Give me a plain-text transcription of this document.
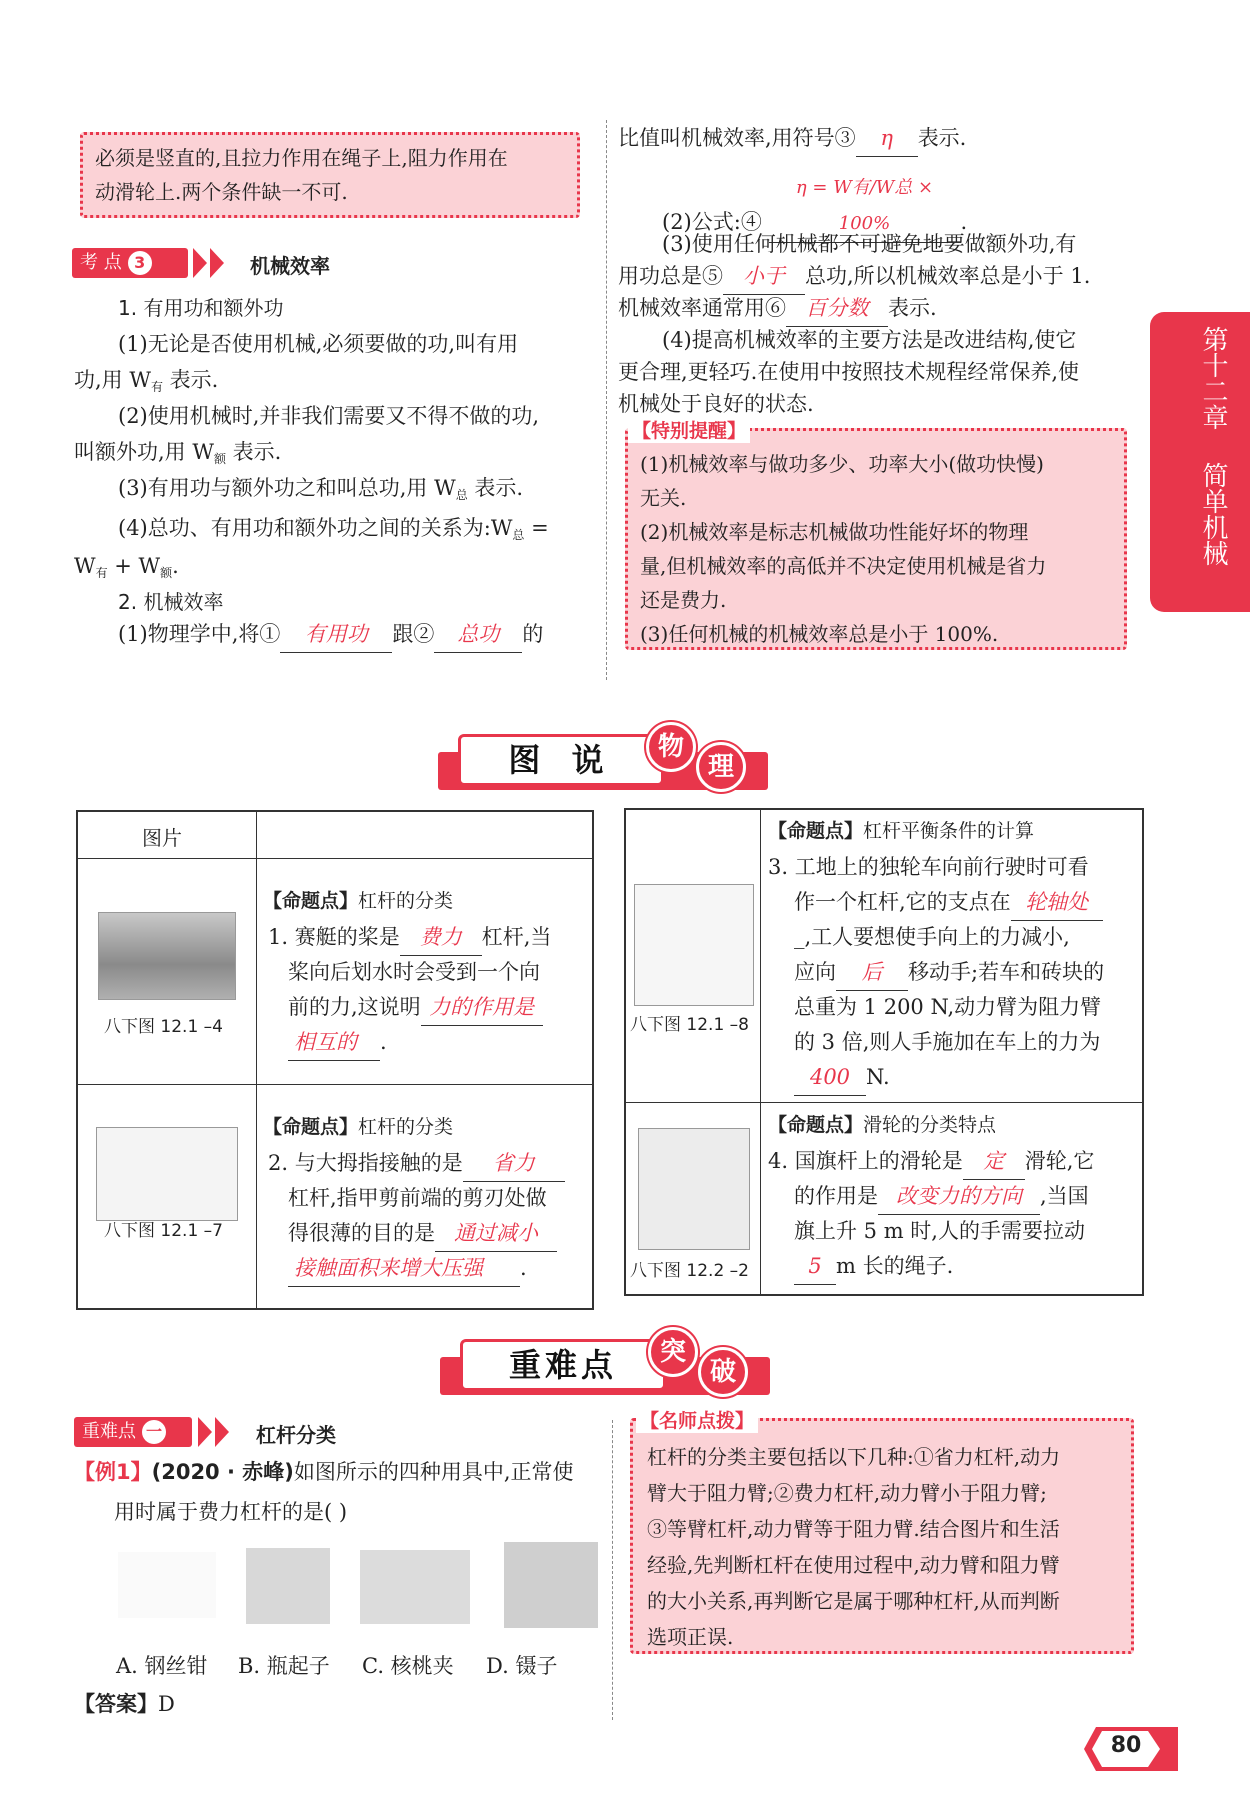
必须是竖直的,且拉力作用在绳子上,阻力作用在

动滑轮上.两个条件缺一不可.

考 点 3	机械效率
1. 有用功和额外功
(1)无论是否使用机械,必须要做的功,叫有用
功,用 $W_有$ 表示.
(2)使用机械时,并非我们需要又不得不做的功,
叫额外功,用 $W_额$ 表示.
(3)有用功与额外功之和叫总功,用 $W_总$ 表示.
(4)总功、有用功和额外功之间的关系为$:W_总$ =
$W_有 + W_额$.
2. 机械效率
(1)物理学中,将① 有用功 跟② 总功 的
比值叫机械效率,用符号③ η 表示.
(2)公式:④ η = W有/W总 × 100%	.
(3)使用任何机械都不可避免地要做额外功,有
用功总是⑤ 小于 总功,所以机械效率总是小于 1.
机械效率通常用⑥ 百分数 表示.
(4)提高机械效率的主要方法是改进结构,使它
更合理,更轻巧.在使用中按照技术规程经常保养,使
机械处于良好的状态.

(1)机械效率与做功多少、功率大小(做功快慢)

无关.

(2)机械效率是标志机械做功性能好坏的物理

量,但机械效率的高低并不决定使用机械是省力

还是费力.

(3)任何机械的机械效率总是小于 100%.

【特别提醒】
第十二章
简单机械
图 说	物
理
图片
八下图 12.1 –4
【命题点】杠杆的分类
1. 赛艇的桨是 费力 杠杆,当
桨向后划水时会受到一个向
前的力,这说明 力的作用是
相互的 .
八下图 12.1 –7
【命题点】杠杆的分类
2. 与大拇指接触的是 省力
杠杆,指甲剪前端的剪刃处做
得很薄的目的是 通过减小
接触面积来增大压强 .
八下图 12.1 –8
【命题点】杠杆平衡条件的计算
3. 工地上的独轮车向前行驶时可看
作一个杠杆,它的支点在 轮轴处
_,工人要想使手向上的力减小,
应向 后 移动手;若车和砖块的
总重为 1 200 N,动力臂为阻力臂
的 3 倍,则人手施加在车上的力为
400 N.
八下图 12.2 –2
【命题点】滑轮的分类特点
4. 国旗杆上的滑轮是 定 滑轮,它
的作用是 改变力的方向 ,当国
旗上升 5 m 时,人的手需要拉动
5 m 长的绳子.
重难点	突
破
重难点 一	杠杆分类
【例1】(2020 · 赤峰)如图所示的四种用具中,正常使
用时属于费力杠杆的是( )
A. 钢丝钳 B. 瓶起子 C. 核桃夹 D. 镊子
【答案】D

杠杆的分类主要包括以下几种:①省力杠杆,动力

臂大于阻力臂;②费力杠杆,动力臂小于阻力臂;

③等臂杠杆,动力臂等于阻力臂.结合图片和生活

经验,先判断杠杆在使用过程中,动力臂和阻力臂

的大小关系,再判断它是属于哪种杠杆,从而判断

选项正误.

【名师点拨】
80
